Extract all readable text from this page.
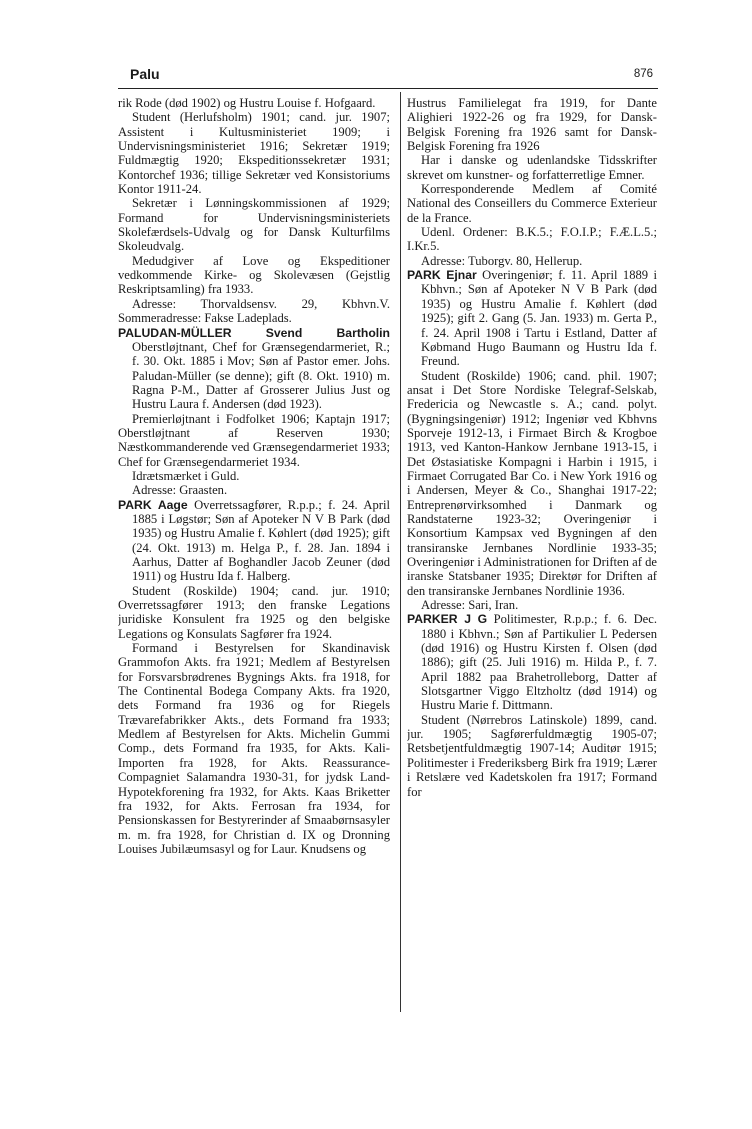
Palu	876

rik Rode (død 1902) og Hustru Louise f. Hofgaard.

Student (Herlufsholm) 1901; cand. jur. 1907; Assistent i Kultusministeriet 1909; i Undervisningsministeriet 1916; Sekretær 1919; Fuldmægtig 1920; Ekspeditionssekretær 1931; Kontorchef 1936; tillige Sekretær ved Konsistoriums Kontor 1911-24.

Sekretær i Lønningskommissionen af 1929; Formand for Undervisningsministeriets Skolefærdsels-Udvalg og for Dansk Kulturfilms Skoleudvalg.

Medudgiver af Love og Ekspeditioner vedkommende Kirke- og Skolevæsen (Gejstlig Reskriptsamling) fra 1933.

Adresse: Thorvaldsensv. 29, Kbhvn.V. Sommeradresse: Fakse Ladeplads.

PALUDAN-MÜLLER Svend Bartholin Oberstløjtnant, Chef for Grænsegendarmeriet, R.; f. 30. Okt. 1885 i Mov; Søn af Pastor emer. Johs. Paludan-Müller (se denne); gift (8. Okt. 1910) m. Ragna P-M., Datter af Grosserer Julius Just og Hustru Laura f. Andersen (død 1923).

Premierløjtnant i Fodfolket 1906; Kaptajn 1917; Oberstløjtnant af Reserven 1930; Næstkommanderende ved Grænsegendarmeriet 1933; Chef for Grænsegendarmeriet 1934.

Idrætsmærket i Guld.

Adresse: Graasten.

PARK Aage Overretssagfører, R.p.p.; f. 24. April 1885 i Løgstør; Søn af Apoteker N V B Park (død 1935) og Hustru Amalie f. Køhlert (død 1925); gift (24. Okt. 1913) m. Helga P., f. 28. Jan. 1894 i Aarhus, Datter af Boghandler Jacob Zeuner (død 1911) og Hustru Ida f. Halberg.

Student (Roskilde) 1904; cand. jur. 1910; Overretssagfører 1913; den franske Legations juridiske Konsulent fra 1925 og den belgiske Legations og Konsulats Sagfører fra 1924.

Formand i Bestyrelsen for Skandinavisk Grammofon Akts. fra 1921; Medlem af Bestyrelsen for Forsvarsbrødrenes Bygnings Akts. fra 1918, for The Continental Bodega Company Akts. fra 1920, dets Formand fra 1936 og for Riegels Trævarefabrikker Akts., dets Formand fra 1933; Medlem af Bestyrelsen for Akts. Michelin Gummi Comp., dets Formand fra 1935, for Akts. Kali-Importen fra 1928, for Akts. Reassurance-Compagniet Salamandra 1930-31, for jydsk Land-Hypotekforening fra 1932, for Akts. Kaas Briketter fra 1932, for Akts. Ferrosan fra 1934, for Pensionskassen for Bestyrerinder af Smaabørnsasyler m. m. fra 1928, for Christian d. IX og Dronning Louises Jubilæumsasyl og for Laur. Knudsens og

Hustrus Familielegat fra 1919, for Dante Alighieri 1922-26 og fra 1929, for Dansk-Belgisk Forening fra 1926 samt for Dansk-Belgisk Forening fra 1926

Har i danske og udenlandske Tidsskrifter skrevet om kunstner- og forfatterretlige Emner.

Korresponderende Medlem af Comité National des Conseillers du Commerce Exterieur de la France.

Udenl. Ordener: B.K.5.; F.O.I.P.; F.Æ.L.5.; I.Kr.5.

Adresse: Tuborgv. 80, Hellerup.

PARK Ejnar Overingeniør; f. 11. April 1889 i Kbhvn.; Søn af Apoteker N V B Park (død 1935) og Hustru Amalie f. Køhlert (død 1925); gift 2. Gang (5. Jan. 1933) m. Gerta P., f. 24. April 1908 i Tartu i Estland, Datter af Købmand Hugo Baumann og Hustru Ida f. Freund.

Student (Roskilde) 1906; cand. phil. 1907; ansat i Det Store Nordiske Telegraf-Selskab, Fredericia og Newcastle s. A.; cand. polyt. (Bygningsingeniør) 1912; Ingeniør ved Kbhvns Sporveje 1912-13, i Firmaet Birch & Krogboe 1913, ved Kanton-Hankow Jernbane 1913-15, i Det Østasiatiske Kompagni i Harbin i 1915, i Firmaet Corrugated Bar Co. i New York 1916 og i Andersen, Meyer & Co., Shanghai 1917-22; Entreprenørvirksomhed i Danmark og Randstaterne 1923-32; Overingeniør i Konsortium Kampsax ved Bygningen af den transiranske Jernbanes Nordlinie 1933-35; Overingeniør i Administrationen for Driften af de iranske Statsbaner 1935; Direktør for Driften af den transiranske Jernbanes Nordlinie 1936.

Adresse: Sari, Iran.

PARKER J G Politimester, R.p.p.; f. 6. Dec. 1880 i Kbhvn.; Søn af Partikulier L Pedersen (død 1916) og Hustru Kirsten f. Olsen (død 1886); gift (25. Juli 1916) m. Hilda P., f. 7. April 1882 paa Brahetrolleborg, Datter af Slotsgartner Viggo Eltzholtz (død 1914) og Hustru Marie f. Dittmann.

Student (Nørrebros Latinskole) 1899, cand. jur. 1905; Sagførerfuldmægtig 1905-07; Retsbetjentfuldmægtig 1907-14; Auditør 1915; Politimester i Frederiksberg Birk fra 1919; Lærer i Retslære ved Kadetskolen fra 1917; Formand for
